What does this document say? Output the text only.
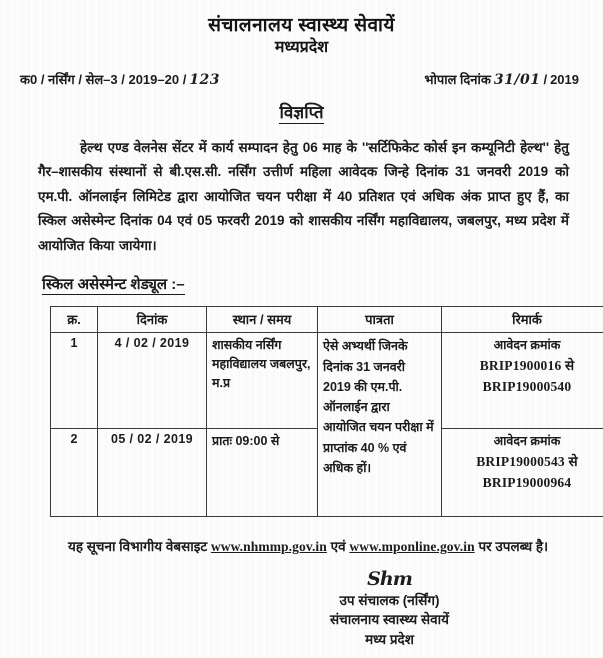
संचालनालय स्वास्थ्य सेवायें
मध्यप्रदेश
क0 / नर्सिंग / सेल–3 / 2019–20 / 123	भोपाल दिनांक 31/01 / 2019
विज्ञप्ति
हेल्थ एण्ड वेलनेस सेंटर में कार्य सम्पादन हेतु 06 माह के ''सर्टिफिकेट कोर्स इन कम्यूनिटी हेल्थ'' हेतु गैर–शासकीय संस्थानों से बी.एस.सी. नर्सिंग उत्तीर्ण महिला आवेदक जिन्हे दिनांक 31 जनवरी 2019 को एम.पी. ऑनलाईन लिमिटेड द्वारा आयोजित चयन परीक्षा में 40 प्रतिशत एवं अधिक अंक प्राप्त हुए हैं, का स्किल असेस्मेन्ट दिनांक 04 एवं 05 फरवरी 2019 को शासकीय नर्सिंग महाविद्यालय, जबलपुर, मध्य प्रदेश में आयोजित किया जायेगा।
स्किल असेस्मेन्ट शेड्यूल :–
क्र.	दिनांक	स्थान / समय	पात्रता	रिमार्क
1	4 / 02 / 2019	शासकीय नर्सिंग महाविद्यालय जबलपुर, म.प्र	ऐसे अभ्यर्थी जिनके दिनांक 31 जनवरी 2019 की एम.पी. ऑनलाईन द्वारा आयोजित चयन परीक्षा में प्राप्तांक 40 % एवं अधिक हों।	आवेदन क्रमांक
BRIP1900016 से
BRIP19000540

2	05 / 02 / 2019	प्रातः 09:00 से		आवेदन क्रमांक
BRIP19000543 से
BRIP19000964
यह सूचना विभागीय वेबसाइट www.nhmmp.gov.in एवं www.mponline.gov.in पर उपलब्ध है।
Shm
उप संचालक (नर्सिंग)
संचालनाय स्वास्थ्य सेवायें
मध्य प्रदेश
